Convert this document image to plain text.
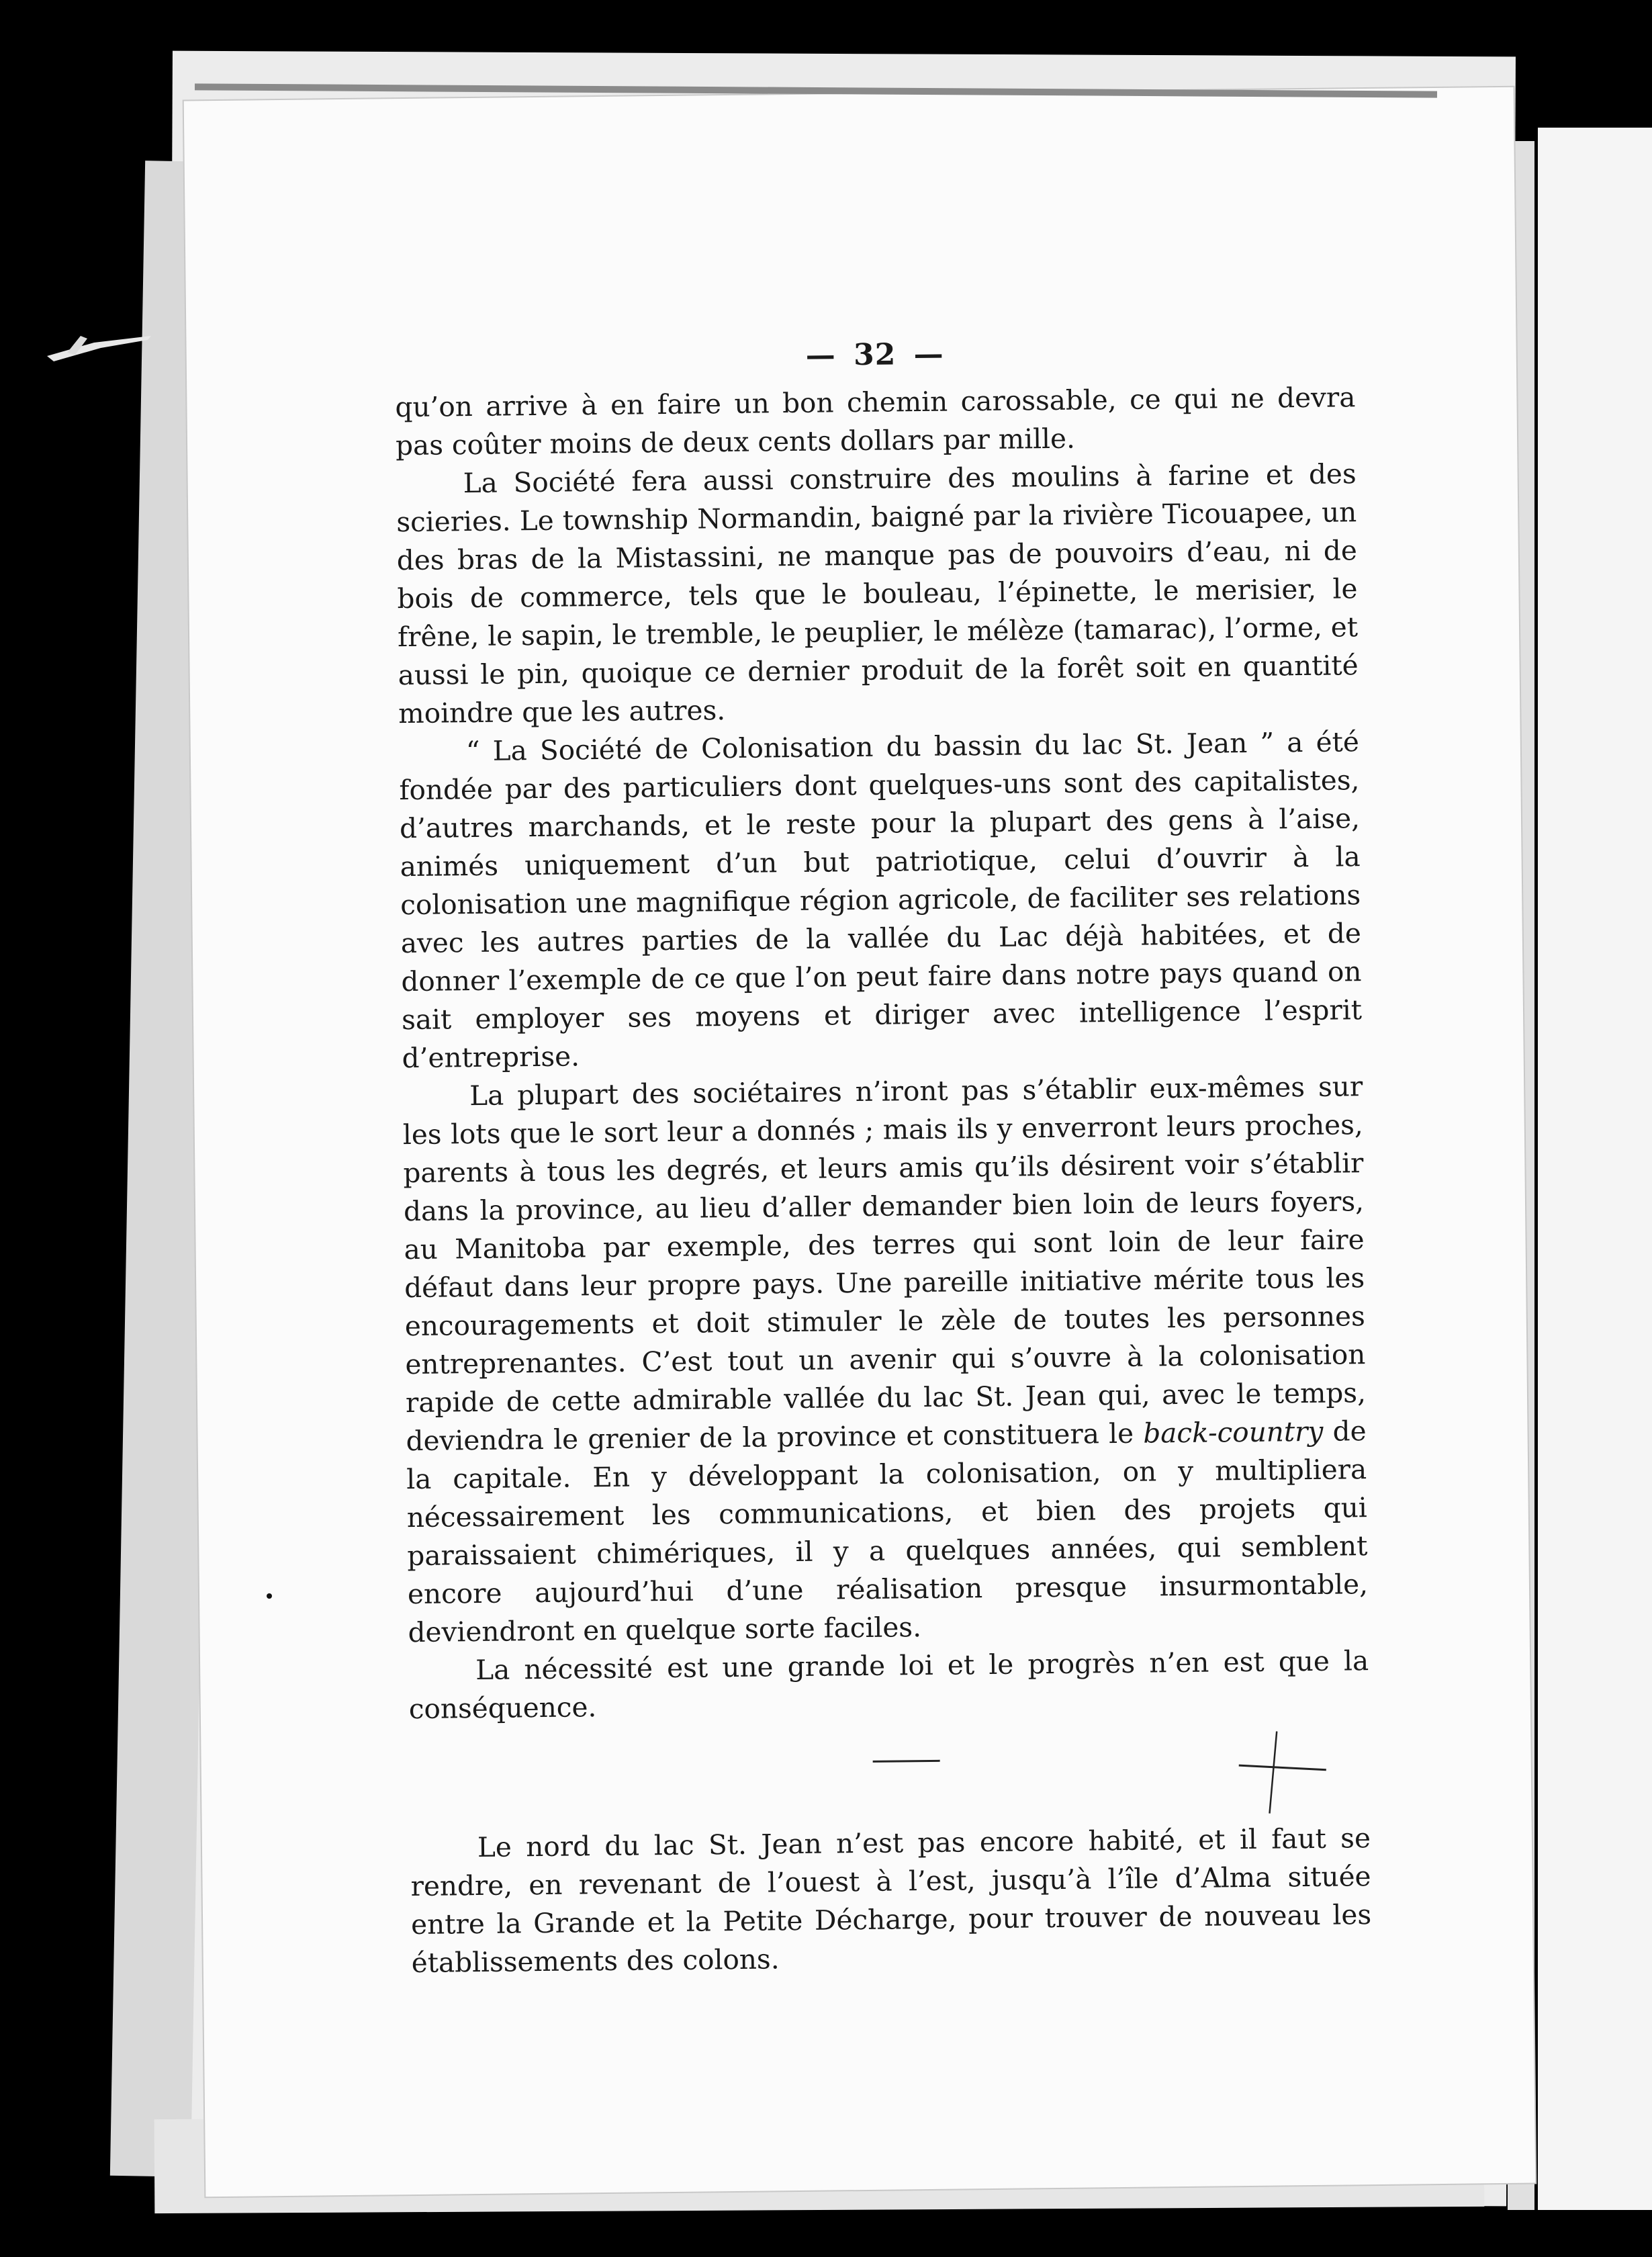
— 32 —

qu’on arrive à en faire un bon chemin carossable, ce qui ne devra pas coûter moins de deux cents dollars par mille.

La Société fera aussi construire des moulins à farine et des scieries. Le township Normandin, baigné par la rivière Ticouapee, un des bras de la Mistassini, ne manque pas de pouvoirs d’eau, ni de bois de commerce, tels que le bouleau, l’épinette, le merisier, le frêne, le sapin, le tremble, le peuplier, le mélèze (tamarac), l’orme, et aussi le pin, quoique ce dernier produit de la forêt soit en quantité moindre que les autres.

“ La Société de Colonisation du bassin du lac St. Jean ” a été fondée par des particuliers dont quelques-uns sont des capitalistes, d’autres marchands, et le reste pour la plupart des gens à l’aise, animés uniquement d’un but patriotique, celui d’ouvrir à la colonisation une magnifique région agricole, de faciliter ses relations avec les autres parties de la vallée du Lac déjà habitées, et de donner l’exemple de ce que l’on peut faire dans notre pays quand on sait employer ses moyens et diriger avec intelligence l’esprit d’entreprise.

La plupart des sociétaires n’iront pas s’établir eux-mêmes sur les lots que le sort leur a donnés ; mais ils y enverront leurs proches, parents à tous les degrés, et leurs amis qu’ils désirent voir s’établir dans la province, au lieu d’aller demander bien loin de leurs foyers, au Manitoba par exemple, des terres qui sont loin de leur faire défaut dans leur propre pays. Une pareille initiative mérite tous les encouragements et doit stimuler le zèle de toutes les personnes entreprenantes. C’est tout un avenir qui s’ouvre à la colonisation rapide de cette admirable vallée du lac St. Jean qui, avec le temps, deviendra le grenier de la province et constituera le back-country de la capitale. En y développant la colonisation, on y multipliera nécessairement les communications, et bien des projets qui paraissaient chimériques, il y a quelques années, qui semblent encore aujourd’hui d’une réalisation presque insurmontable, deviendront en quelque sorte faciles.

La nécessité est une grande loi et le progrès n’en est que la conséquence.

Le nord du lac St. Jean n’est pas encore habité, et il faut se rendre, en revenant de l’ouest à l’est, jusqu’à l’île d’Alma située entre la Grande et la Petite Décharge, pour trouver de nouveau les établissements des colons.
